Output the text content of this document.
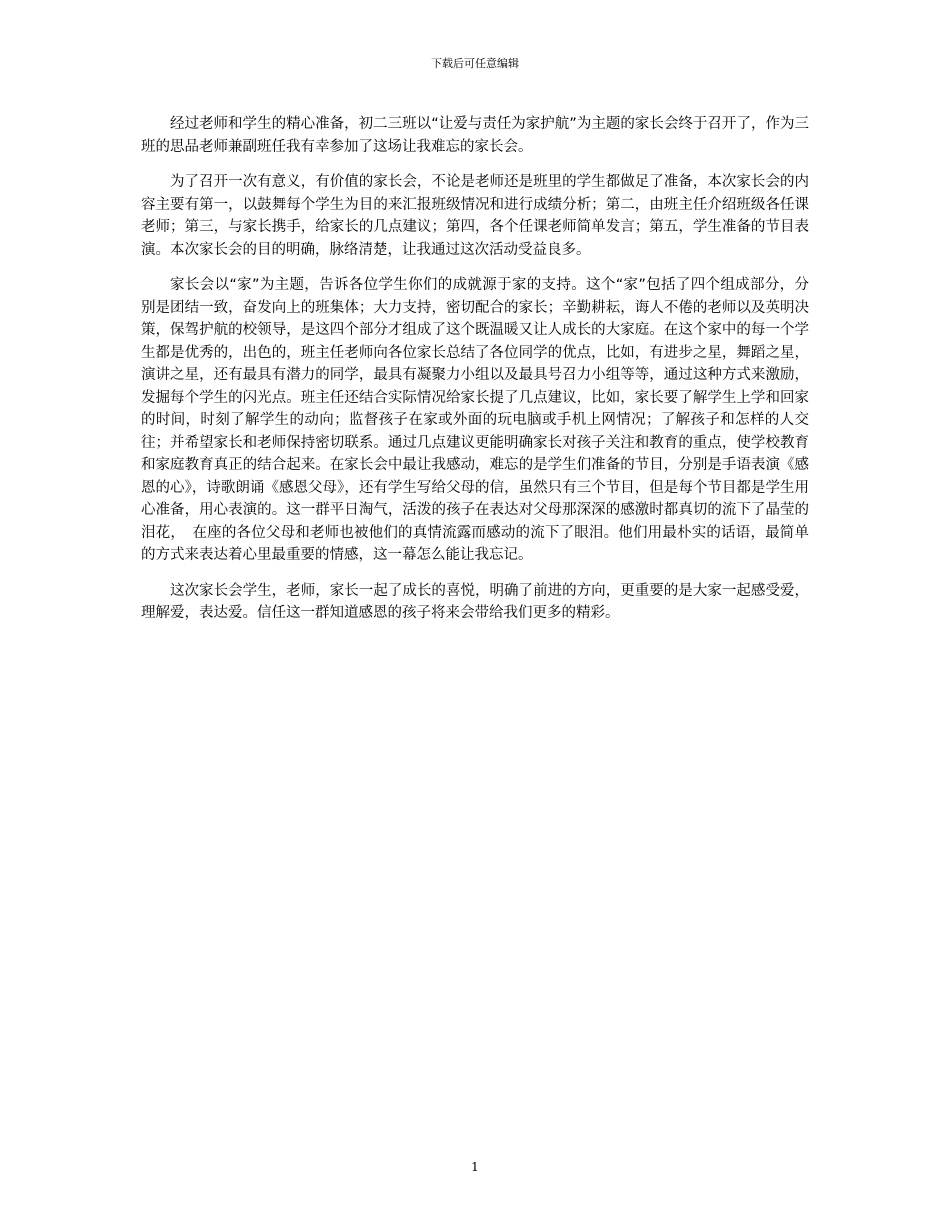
下载后可任意编辑

经过老师和学生的精心准备，初二三班以“让爱与责任为家护航”为主题的家长会终于召开了，作为三班的思品老师兼副班任我有幸参加了这场让我难忘的家长会。

为了召开一次有意义，有价值的家长会，不论是老师还是班里的学生都做足了准备，本次家长会的内容主要有第一，以鼓舞每个学生为目的来汇报班级情况和进行成绩分析；第二，由班主任介绍班级各任课老师；第三，与家长携手，给家长的几点建议；第四，各个任课老师简单发言；第五，学生准备的节目表演。本次家长会的目的明确，脉络清楚，让我通过这次活动受益良多。

家长会以“家”为主题，告诉各位学生你们的成就源于家的支持。这个“家”包括了四个组成部分，分别是团结一致，奋发向上的班集体；大力支持，密切配合的家长；辛勤耕耘，诲人不倦的老师以及英明决策，保驾护航的校领导，是这四个部分才组成了这个既温暖又让人成长的大家庭。在这个家中的每一个学生都是优秀的，出色的，班主任老师向各位家长总结了各位同学的优点，比如，有进步之星，舞蹈之星，演讲之星，还有最具有潜力的同学，最具有凝聚力小组以及最具号召力小组等等，通过这种方式来激励，发掘每个学生的闪光点。班主任还结合实际情况给家长提了几点建议，比如，家长要了解学生上学和回家的时间，时刻了解学生的动向；监督孩子在家或外面的玩电脑或手机上网情况；了解孩子和怎样的人交往；并希望家长和老师保持密切联系。通过几点建议更能明确家长对孩子关注和教育的重点，使学校教育和家庭教育真正的结合起来。在家长会中最让我感动，难忘的是学生们准备的节目，分别是手语表演《感恩的心》，诗歌朗诵《感恩父母》，还有学生写给父母的信，虽然只有三个节目，但是每个节目都是学生用心准备，用心表演的。这一群平日淘气，活泼的孩子在表达对父母那深深的感激时都真切的流下了晶莹的泪花，　在座的各位父母和老师也被他们的真情流露而感动的流下了眼泪。他们用最朴实的话语，最简单的方式来表达着心里最重要的情感，这一幕怎么能让我忘记。

这次家长会学生，老师，家长一起了成长的喜悦，明确了前进的方向，更重要的是大家一起感受爱，理解爱，表达爱。信任这一群知道感恩的孩子将来会带给我们更多的精彩。

1
